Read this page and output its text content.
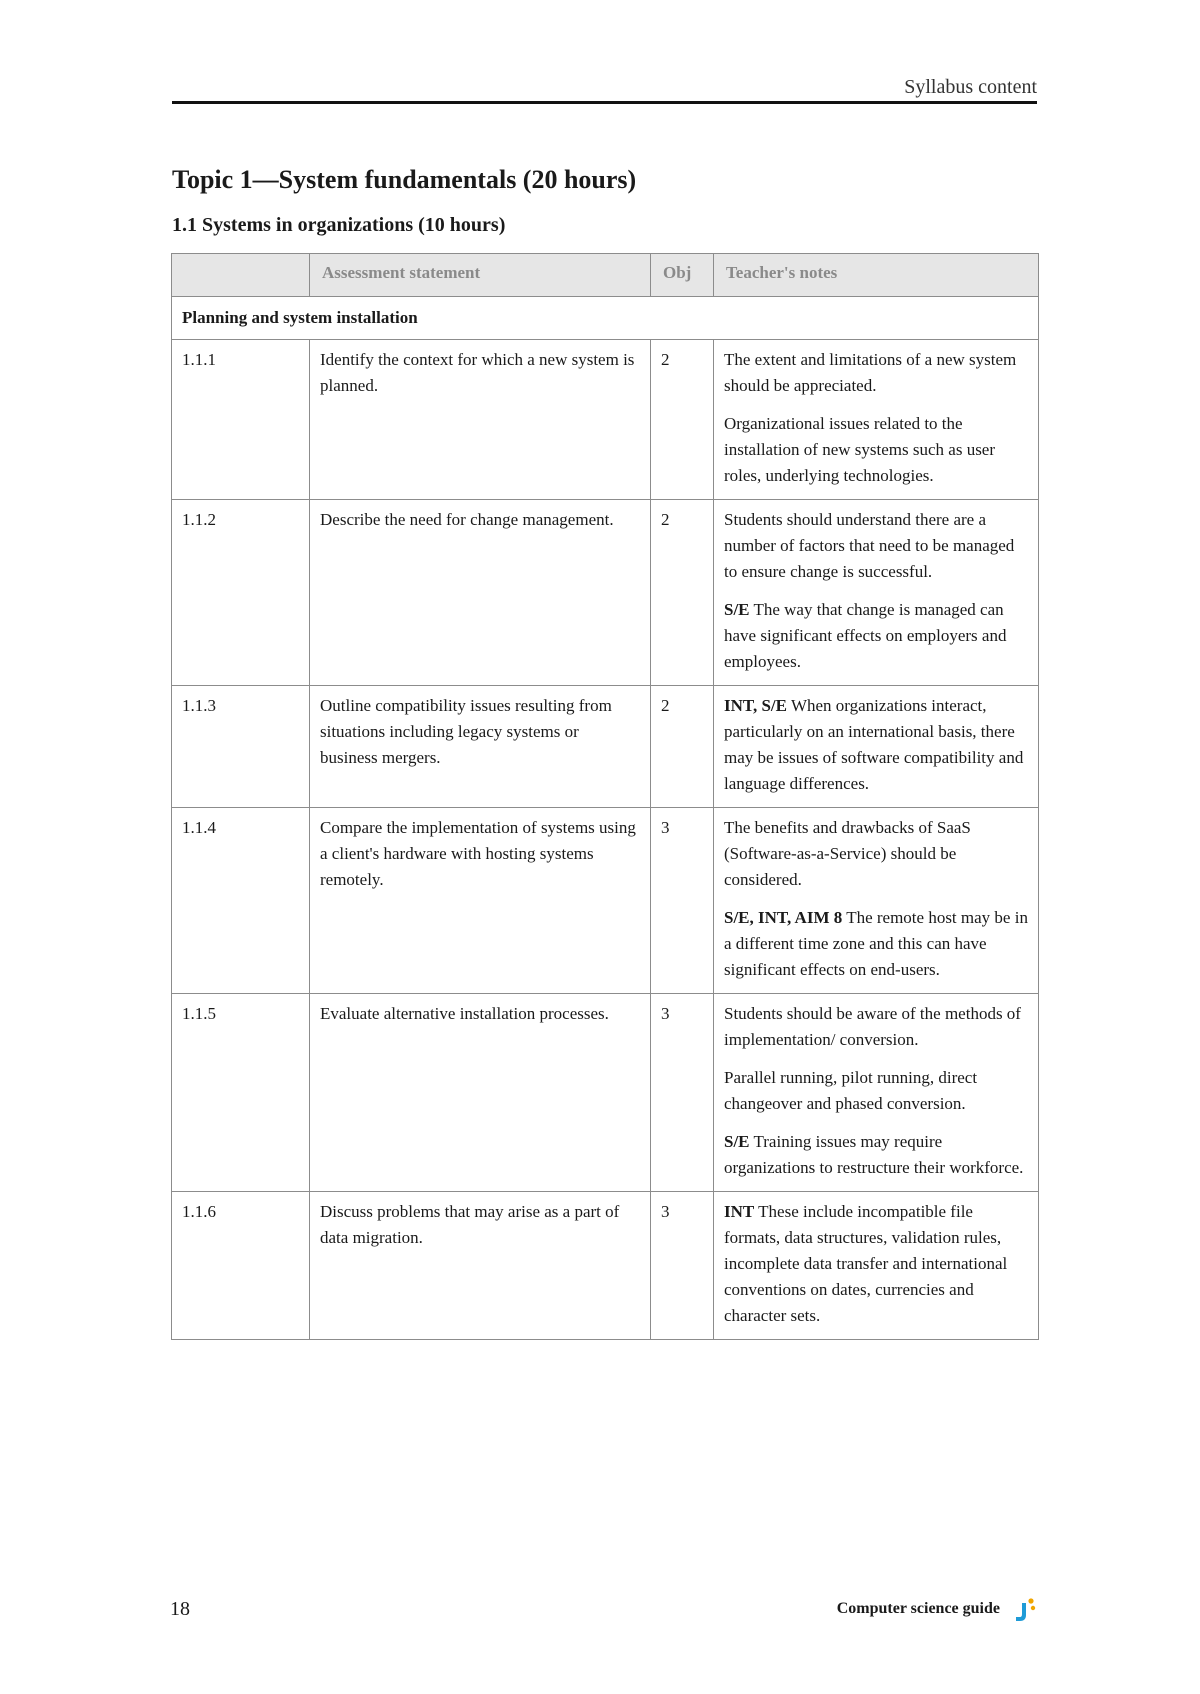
Syllabus content
Topic 1—System fundamentals (20 hours)
1.1 Systems in organizations (10 hours)
	Assessment statement	Obj	Teacher's notes
Planning and system installation			
1.1.1	Identify the context for which a new system is planned.	2	The extent and limitations of a new system should be appreciated.

Organizational issues related to the installation of new systems such as user roles, underlying technologies.

1.1.2	Describe the need for change management.	2	Students should understand there are a number of factors that need to be managed to ensure change is successful.

S/E The way that change is managed can have significant effects on employers and employees.

1.1.3	Outline compatibility issues resulting from situations including legacy systems or business mergers.	2	INT, S/E When organizations interact, particularly on an international basis, there may be issues of software compatibility and language differences.

1.1.4	Compare the implementation of systems using a client's hardware with hosting systems remotely.	3	The benefits and drawbacks of SaaS (Software-as-a-Service) should be considered.

S/E, INT, AIM 8 The remote host may be in a different time zone and this can have significant effects on end-users.

1.1.5	Evaluate alternative installation processes.	3	Students should be aware of the methods of implementation/ conversion.

Parallel running, pilot running, direct changeover and phased conversion.

S/E Training issues may require organizations to restructure their workforce.

1.1.6	Discuss problems that may arise as a part of data migration.	3	INT These include incompatible file formats, data structures, validation rules, incomplete data transfer and international conventions on dates, currencies and character sets.

18	Computer science guide
